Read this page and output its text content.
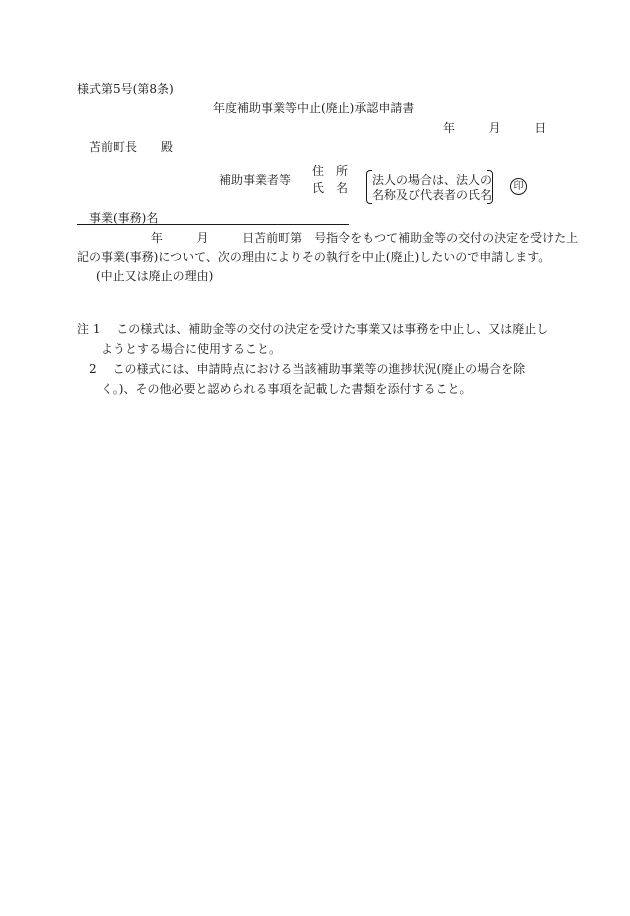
様式第5号(第8条)
年度補助事業等中止(廃止)承認申請書
年	月	日
苫前町長　　殿
補助事業者等
住　所
氏　名
法人の場合は、法人の
名称及び代表者の氏名
印
事業(事務)名
年	月	日苫前町第　号指令をもつて補助金等の交付の決定を受けた上
記の事業(事務)について、次の理由によりその執行を中止(廃止)したいので申請します。
(中止又は廃止の理由)
注 1　 この様式は、補助金等の交付の決定を受けた事業又は事務を中止し、又は廃止し
ようとする場合に使用すること。
2　 この様式には、申請時点における当該補助事業等の進捗状況(廃止の場合を除
く。)、その他必要と認められる事項を記載した書類を添付すること。
